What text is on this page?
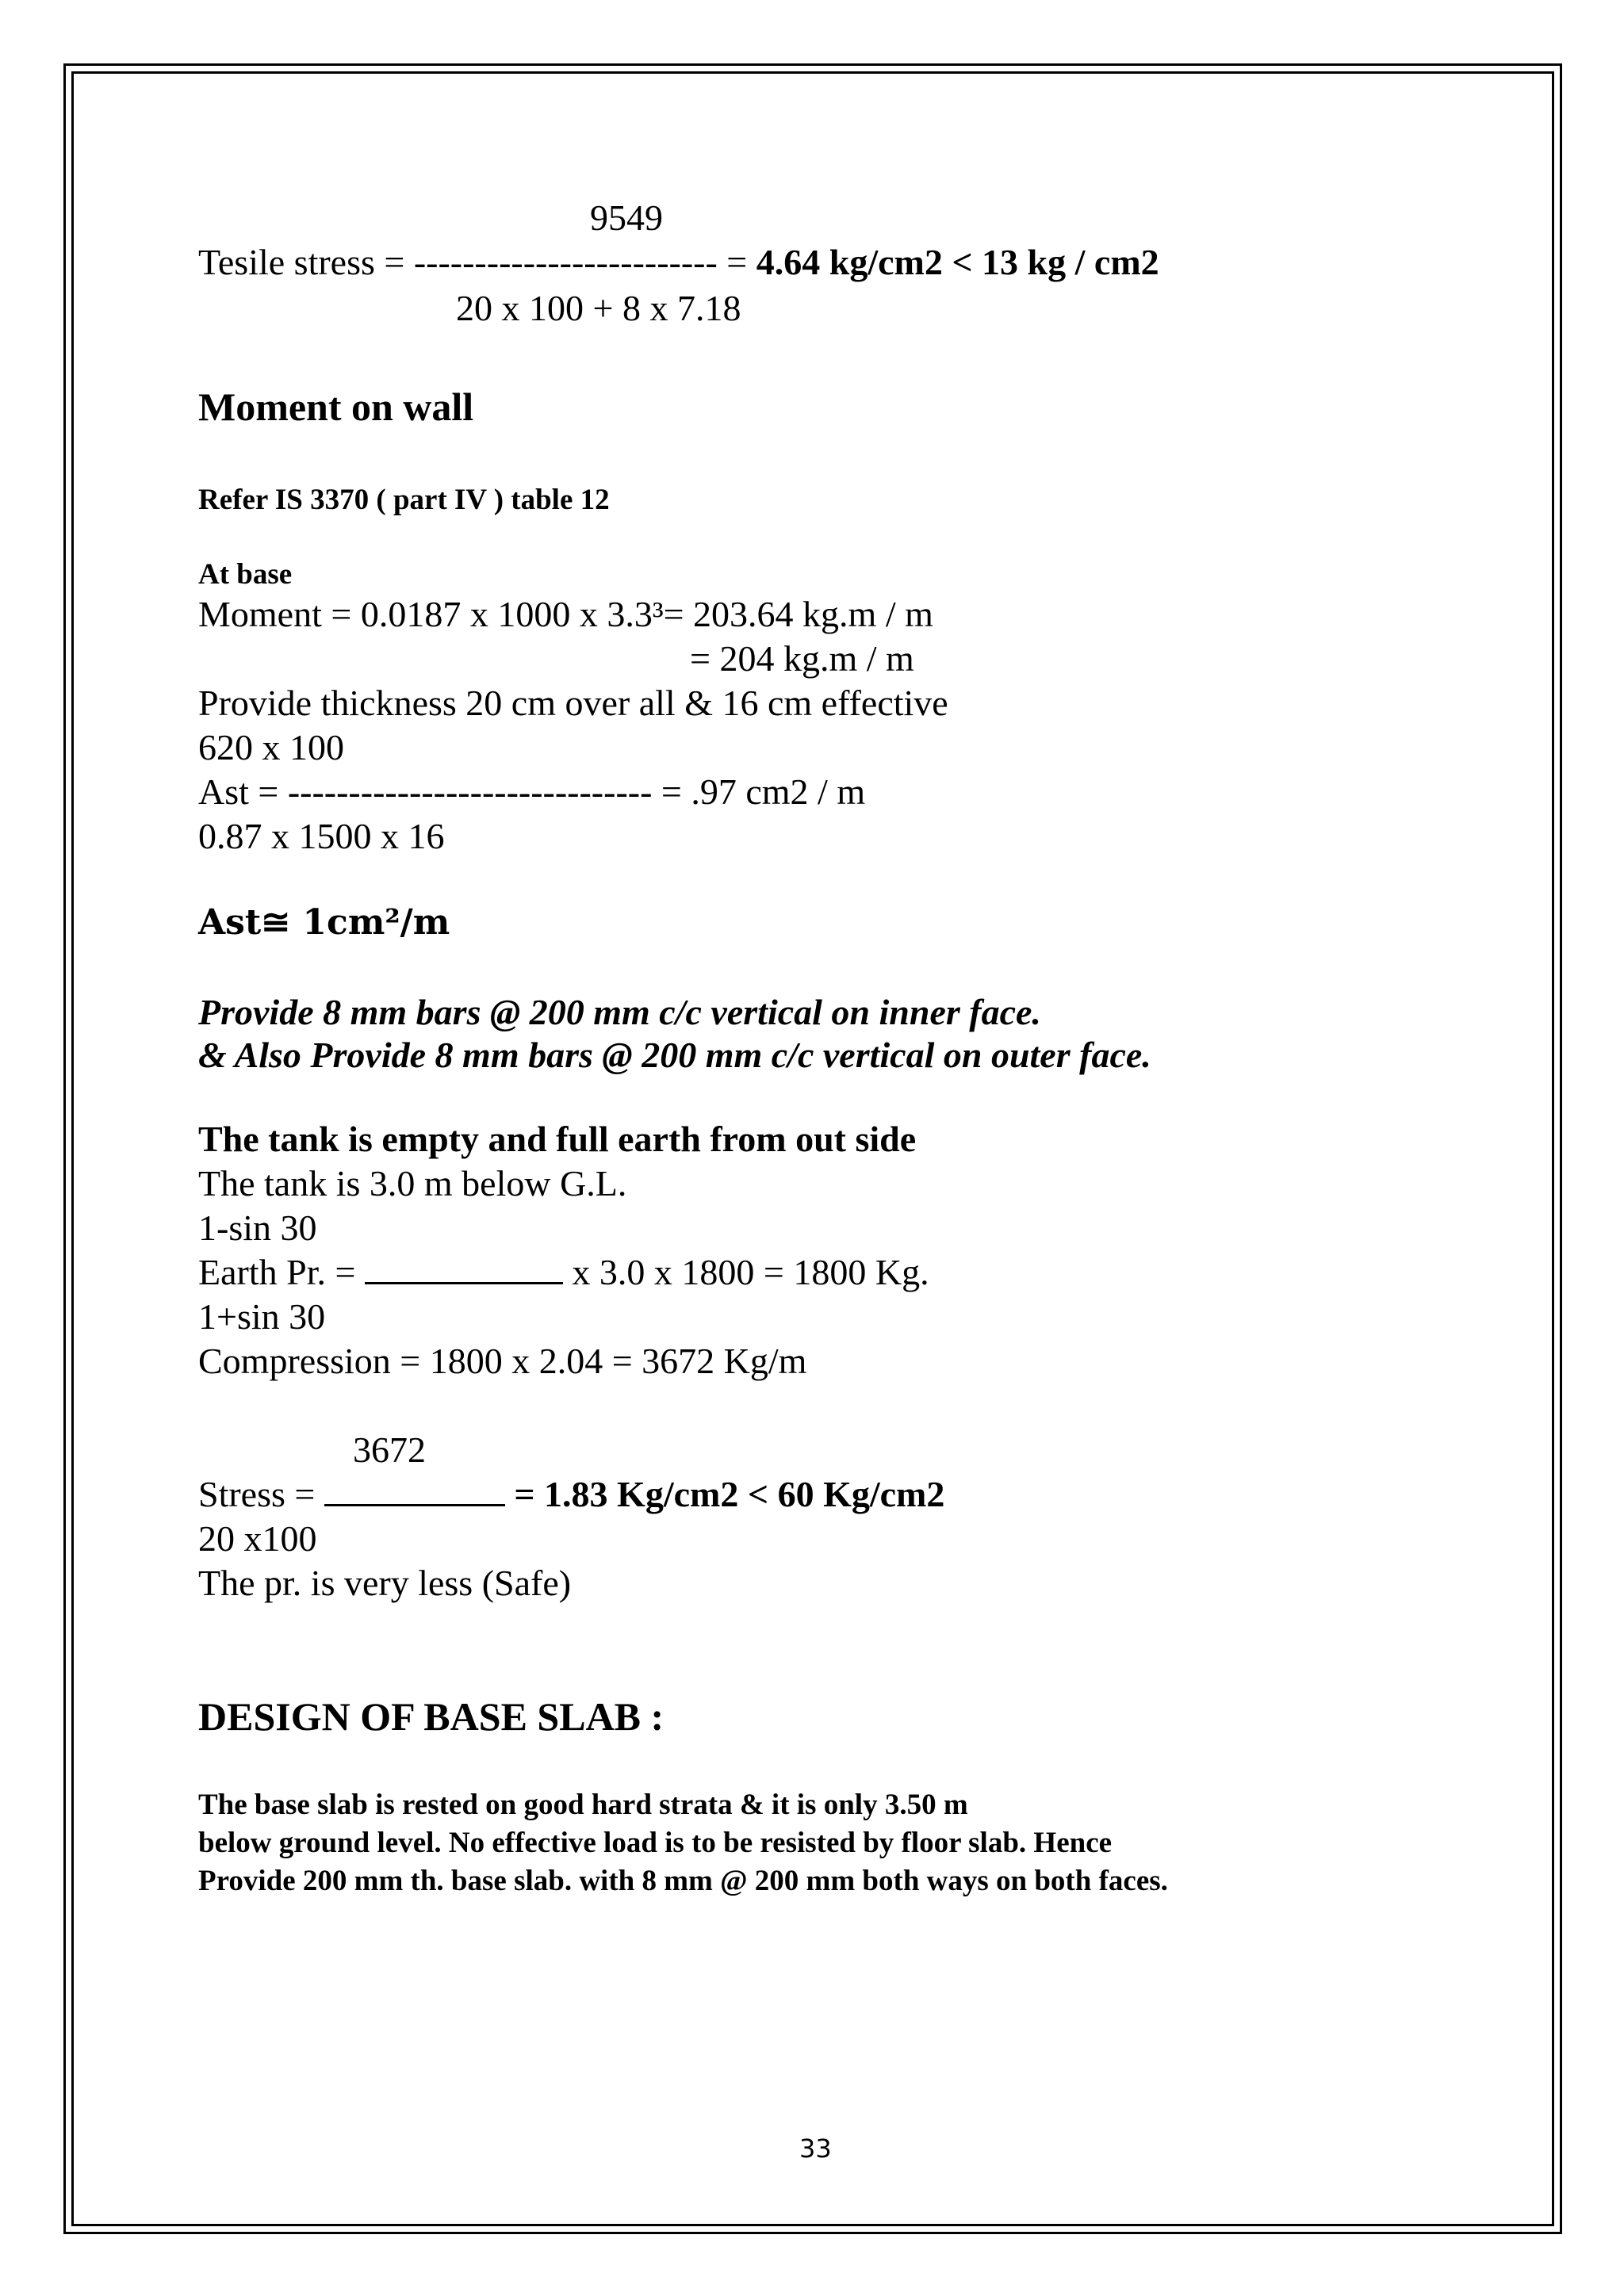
9549
Tesile stress = ------------------------- = 4.64 kg/cm2 < 13 kg / cm2
20 x 100 + 8 x 7.18
Moment on wall
Refer IS 3370 ( part IV ) table 12
At base
Moment = 0.0187 x 1000 x 3.3³= 203.64 kg.m / m
= 204 kg.m / m
Provide thickness 20 cm over all & 16 cm effective
620 x 100
Ast = ------------------------------ = .97 cm2 / m
0.87 x 1500 x 16
Ast≅ 1cm²/m
Provide 8 mm bars @ 200 mm c/c vertical on inner face.
& Also Provide 8 mm bars @ 200 mm c/c vertical on outer face.
The tank is empty and full earth from out side
The tank is 3.0 m below G.L.
1-sin 30
Earth Pr. =	x 3.0 x 1800 = 1800 Kg.
1+sin 30
Compression = 1800 x 2.04 = 3672 Kg/m
3672
Stress =	= 1.83 Kg/cm2 < 60 Kg/cm2
20 x100
The pr. is very less (Safe)
DESIGN OF BASE SLAB :
The base slab is rested on good hard strata & it is only 3.50 m
below ground level. No effective load is to be resisted by floor slab. Hence
Provide 200 mm th. base slab. with 8 mm @ 200 mm both ways on both faces.
33
